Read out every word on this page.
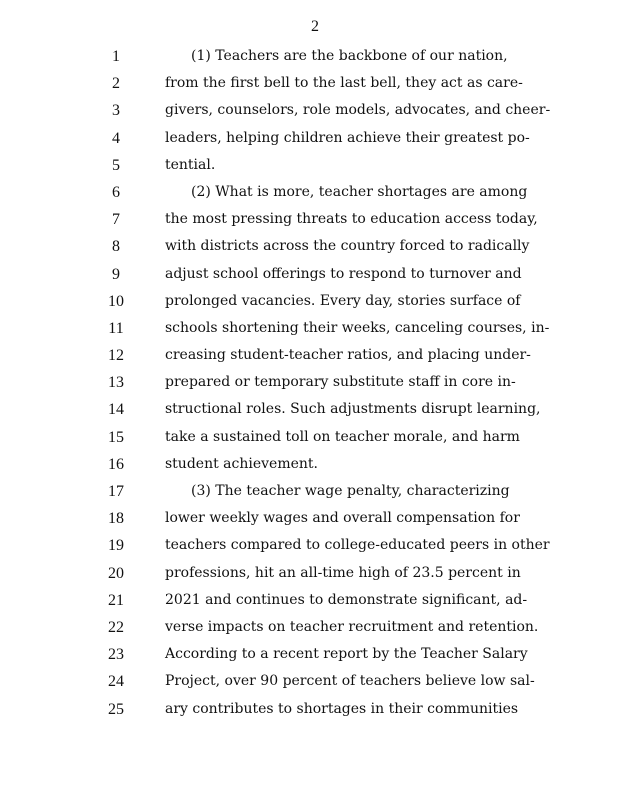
2
1	(1) Teachers are the backbone of our nation,
2	from the first bell to the last bell, they act as care-
3	givers, counselors, role models, advocates, and cheer-
4	leaders, helping children achieve their greatest po-
5	tential.
6	(2) What is more, teacher shortages are among
7	the most pressing threats to education access today,
8	with districts across the country forced to radically
9	adjust school offerings to respond to turnover and
10	prolonged vacancies. Every day, stories surface of
11	schools shortening their weeks, canceling courses, in-
12	creasing student-teacher ratios, and placing under-
13	prepared or temporary substitute staff in core in-
14	structional roles. Such adjustments disrupt learning,
15	take a sustained toll on teacher morale, and harm
16	student achievement.
17	(3) The teacher wage penalty, characterizing
18	lower weekly wages and overall compensation for
19	teachers compared to college-educated peers in other
20	professions, hit an all-time high of 23.5 percent in
21	2021 and continues to demonstrate significant, ad-
22	verse impacts on teacher recruitment and retention.
23	According to a recent report by the Teacher Salary
24	Project, over 90 percent of teachers believe low sal-
25	ary contributes to shortages in their communities
